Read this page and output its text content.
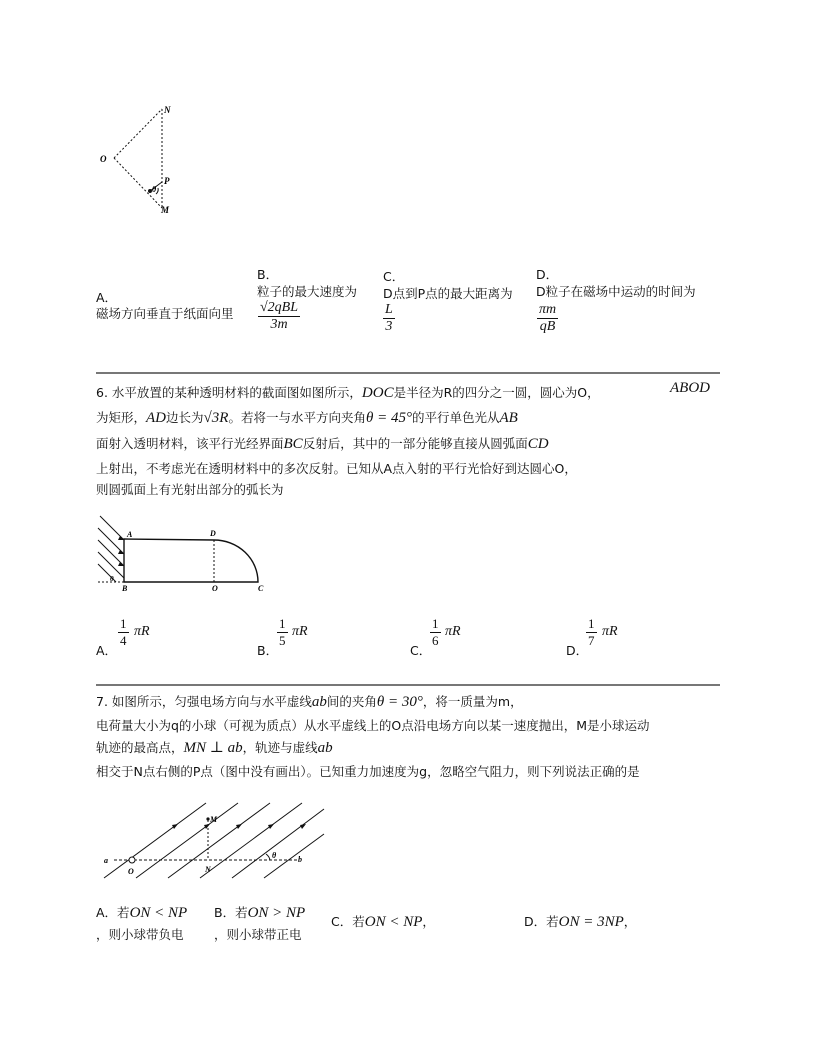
O
N
P
M
θ
A．
磁场方向垂直于纸面向里
B．
粒子的最大速度为
√2qBL
3m
C．
D点到P点的最大距离为
$\frac{L}{3}$
D．
D粒子在磁场中运动的时间为
$\frac{\pi m}{qB}$
6. 水平放置的某种透明材料的截面图如图所示，DOC是半径为R的四分之一圆，圆心为O，	ABOD
为矩形，AD边长为√3R。若将一与水平方向夹角θ = 45°的平行单色光从AB
面射入透明材料，该平行光经界面BC反射后，其中的一部分能够直接从圆弧面CD
上射出，不考虑光在透明材料中的多次反射。已知从A点入射的平行光恰好到达圆心O，
则圆弧面上有光射出部分的弧长为
A	D
θ
B	O	C
A．
$\frac{1}{4}$ πR
B．
$\frac{1}{5}$ πR
C．
$\frac{1}{6}$ πR
D．
$\frac{1}{7}$ πR
7. 如图所示，匀强电场方向与水平虚线ab间的夹角θ = 30°，将一质量为m，
电荷量大小为q的小球（可视为质点）从水平虚线上的O点沿电场方向以某一速度抛出，M是小球运动
轨迹的最高点，MN ⊥ ab，轨迹与虚线ab
相交于N点右侧的P点（图中没有画出）。已知重力加速度为g，忽略空气阻力，则下列说法正确的是
a	b
O	N
M
θ
A．若ON < NP
，则小球带负电
B．若ON > NP
，则小球带正电
C．若ON < NP，	D．若ON = 3NP，
